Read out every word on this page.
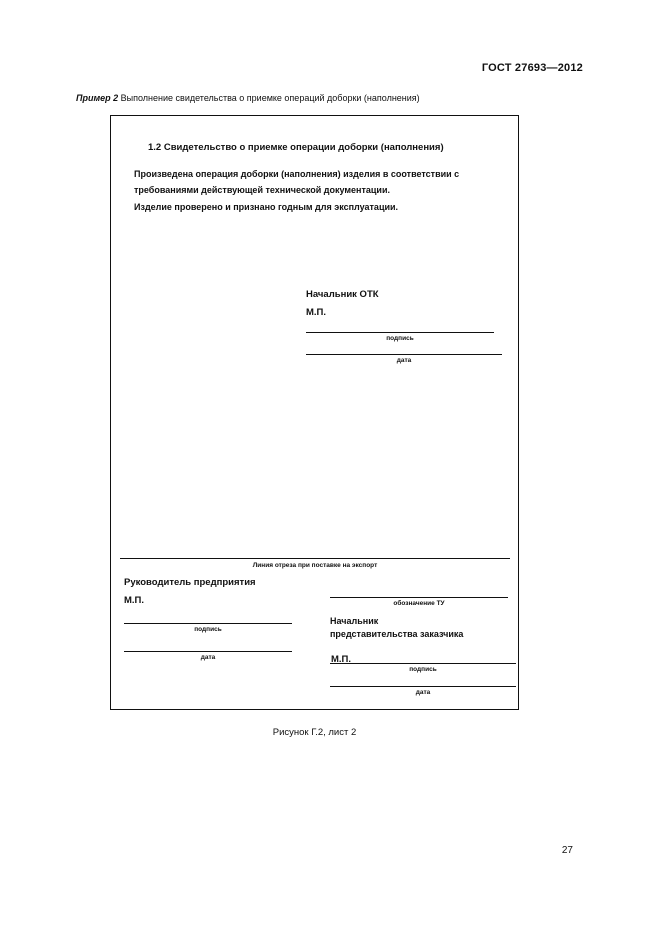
ГОСТ 27693—2012
Пример 2 Выполнение свидетельства о приемке операций дoборки (наполнения)
1.2 Свидетельство о приемке операции дoборки (наполнения)
Произведена операция дoборки (наполнения) изделия в соответствии с
требованиями действующей технической документации.
Изделие проверено и признано годным для эксплуатации.
Начальник ОТК
М.П.
подпись
дата
Линия отреза при поставке на экспорт
Руководитель предприятия
М.П.
подпись
дата
обозначение ТУ
Начальник
представительства заказчика
М.П.
подпись
дата
Рисунок Г.2, лист 2
27
